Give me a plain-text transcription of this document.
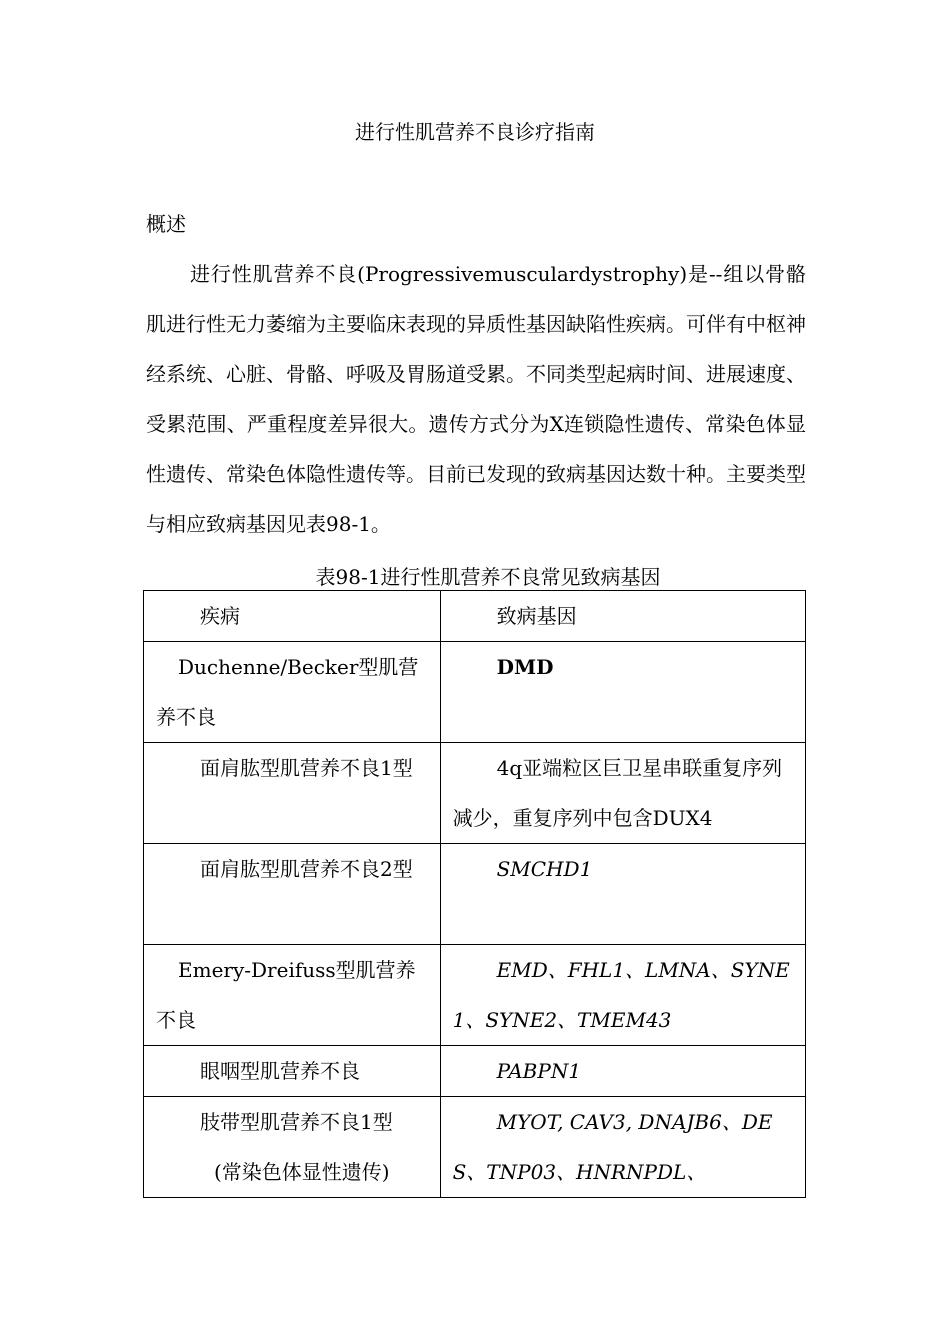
进行性肌营养不良诊疗指南
概述
进行性肌营养不良(Progressivemusculardystrophy)是--组以骨骼肌进行性无力萎缩为主要临床表现的异质性基因缺陷性疾病。可伴有中枢神经系统、心脏、骨骼、呼吸及胃肠道受累。不同类型起病时间、进展速度、受累范围、严重程度差异很大。遗传方式分为X连锁隐性遗传、常染色体显性遗传、常染色体隐性遗传等。目前已发现的致病基因达数十种。主要类型与相应致病基因见表98-1。
表98-1进行性肌营养不良常见致病基因
疾病	致病基因

Duchenne/Becker型肌营养不良	DMD

面肩肱型肌营养不良1型	4q亚端粒区巨卫星串联重复序列减少，重复序列中包含DUX4

面肩肱型肌营养不良2型	SMCHD1

Emery-Dreifuss型肌营养不良	EMD、FHL1、LMNA、SYNE1、SYNE2、TMEM43

眼咽型肌营养不良	PABPN1

肢带型肌营养不良1型
(常染色体显性遗传)	MYOT, CAV3, DNAJB6、DES、TNP03、HNRNPDL、
